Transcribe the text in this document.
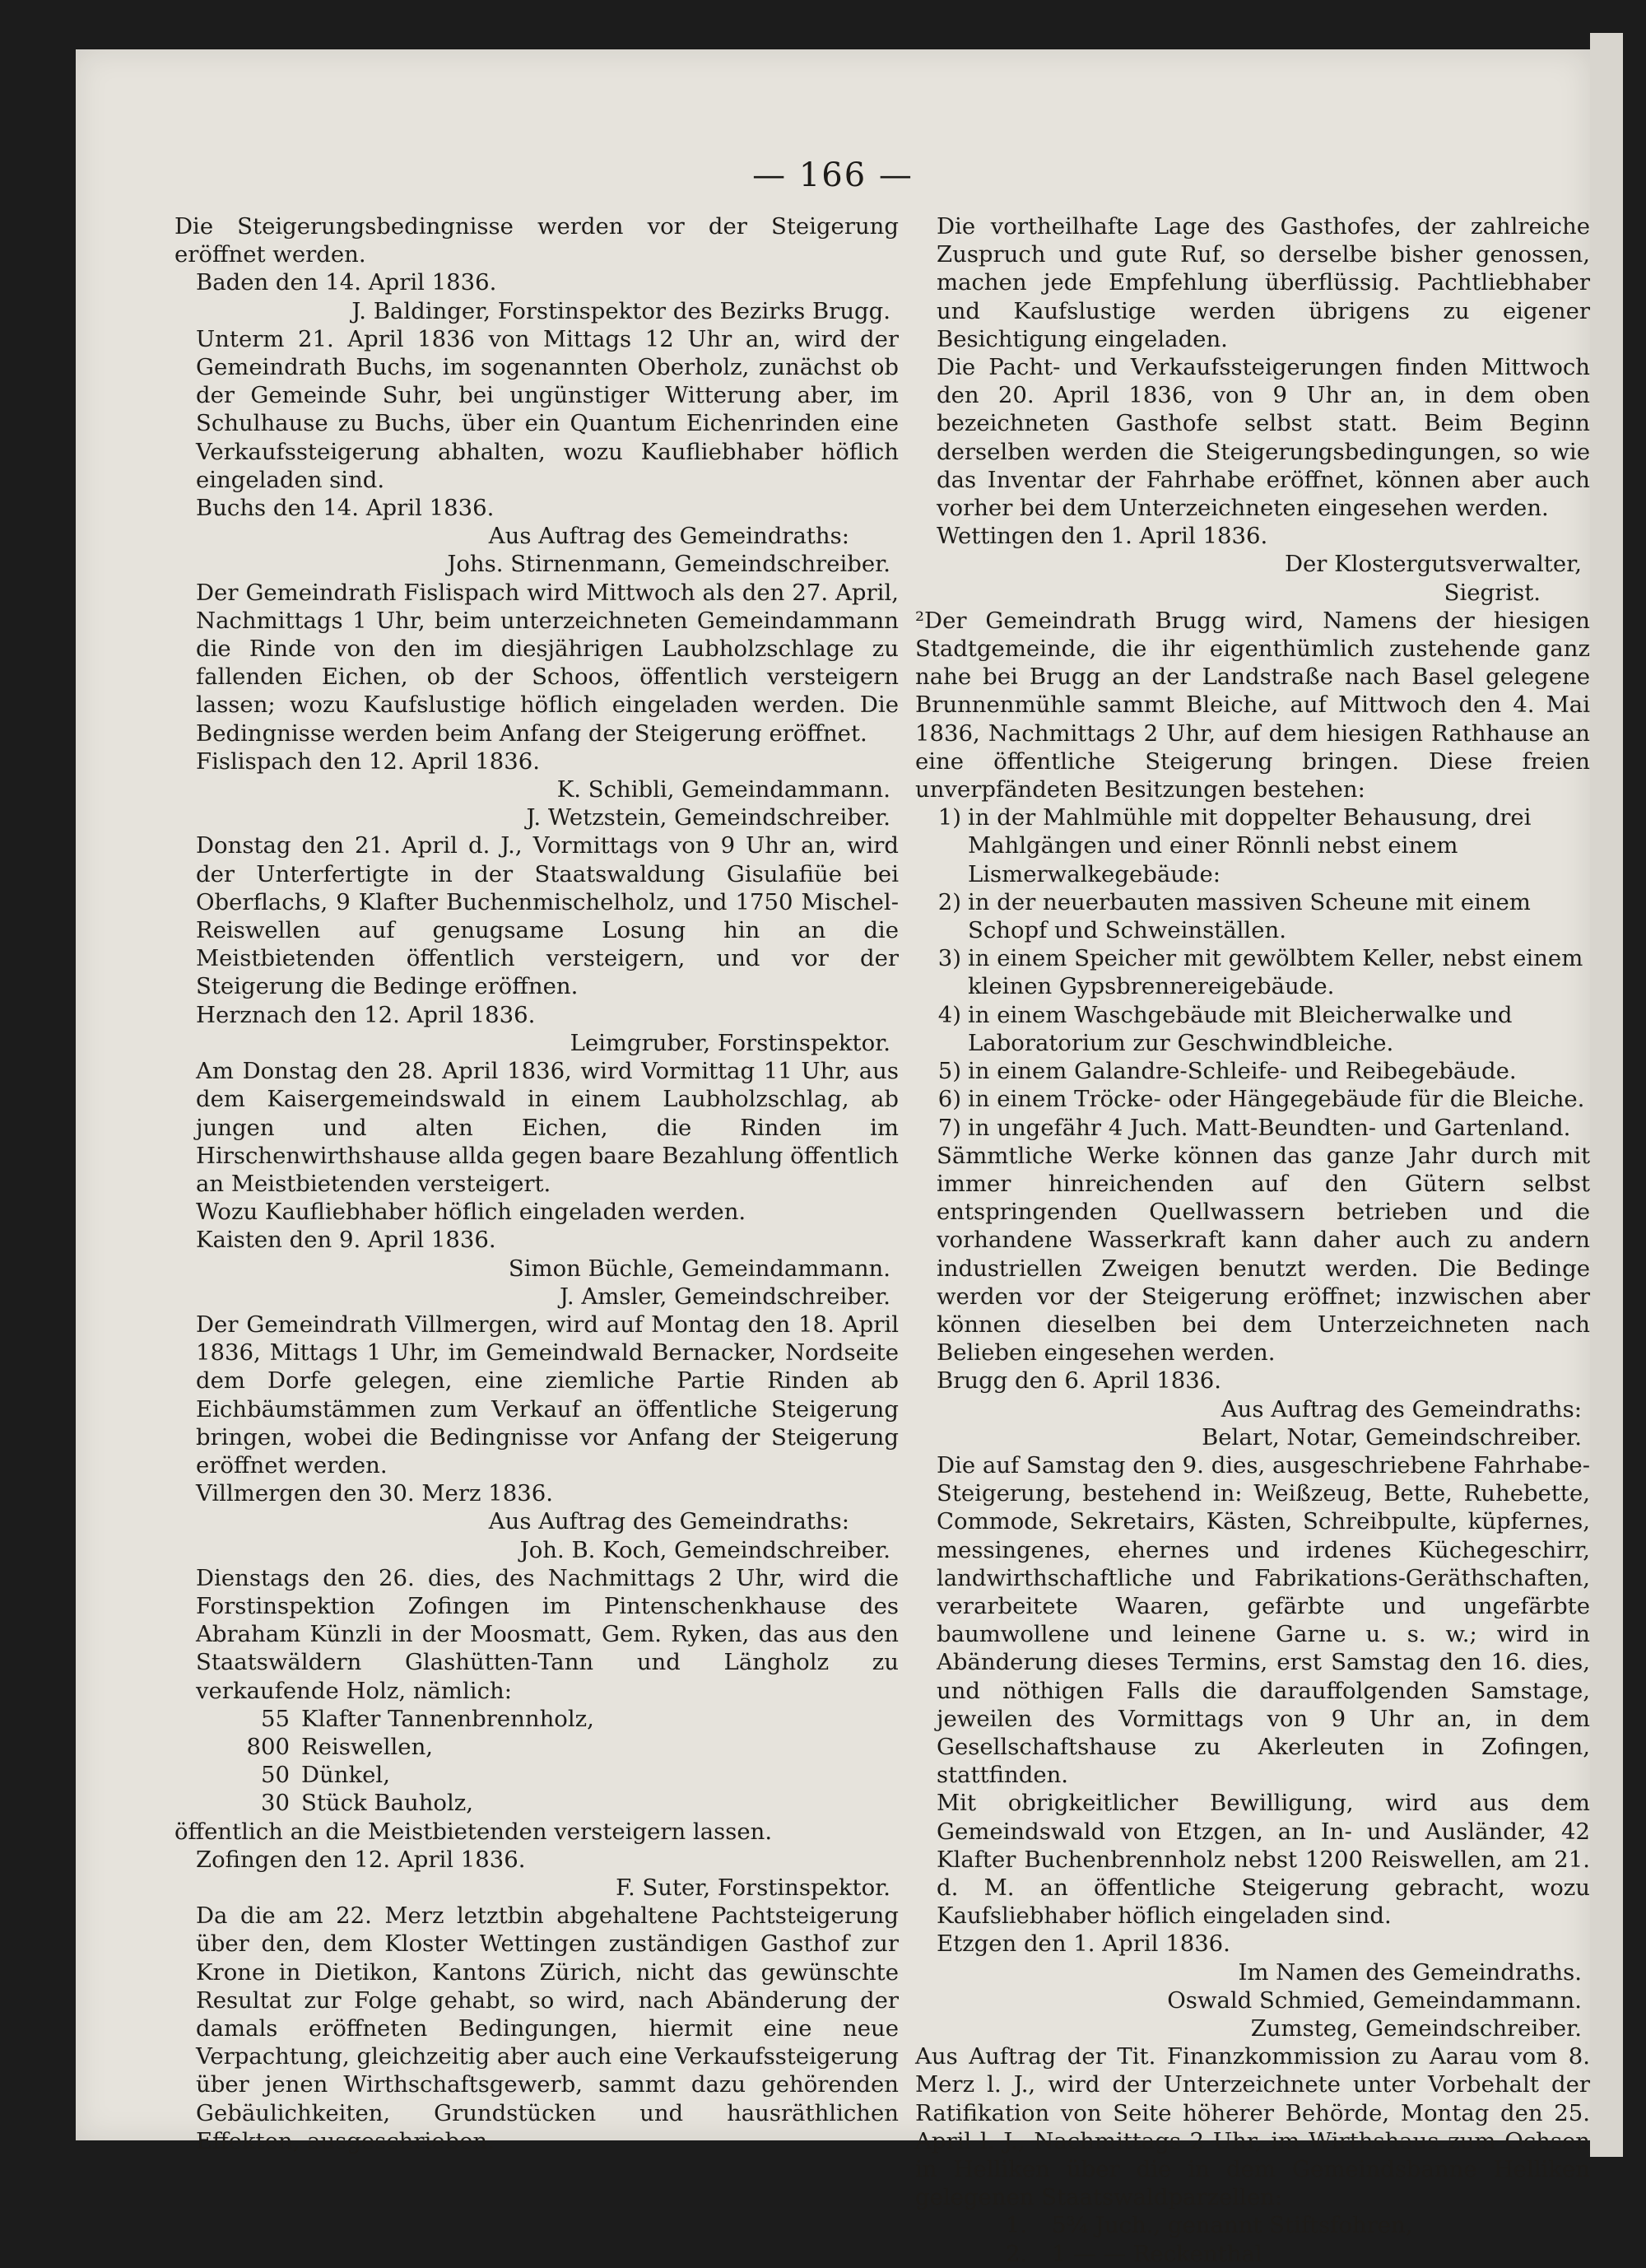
— 166 —
Die Steigerungsbedingnisse werden vor der Steigerung eröffnet werden.
Baden den 14. April 1836.
J. Baldinger, Forstinspektor des Bezirks Brugg.
Unterm 21. April 1836 von Mittags 12 Uhr an, wird der Gemeindrath Buchs, im sogenannten Oberholz, zunächst ob der Gemeinde Suhr, bei ungünstiger Witterung aber, im Schulhause zu Buchs, über ein Quantum Eichenrinden eine Verkaufssteigerung abhalten, wozu Kaufliebhaber höflich eingeladen sind.
Buchs den 14. April 1836.
Aus Auftrag des Gemeindraths:
Johs. Stirnenmann, Gemeindschreiber.
Der Gemeindrath Fislispach wird Mittwoch als den 27. April, Nachmittags 1 Uhr, beim unterzeichneten Gemeindammann die Rinde von den im diesjährigen Laubholzschlage zu fallenden Eichen, ob der Schoos, öffentlich versteigern lassen; wozu Kaufslustige höflich eingeladen werden. Die Bedingnisse werden beim Anfang der Steigerung eröffnet.
Fislispach den 12. April 1836.
K. Schibli, Gemeindammann.
J. Wetzstein, Gemeindschreiber.
Donstag den 21. April d. J., Vormittags von 9 Uhr an, wird der Unterfertigte in der Staatswaldung Gisulafiüe bei Oberflachs, 9 Klafter Buchenmischelholz, und 1750 Mischel-Reiswellen auf genugsame Losung hin an die Meistbietenden öffentlich versteigern, und vor der Steigerung die Bedinge eröffnen.
Herznach den 12. April 1836.
Leimgruber, Forstinspektor.
Am Donstag den 28. April 1836, wird Vormittag 11 Uhr, aus dem Kaisergemeindswald in einem Laubholzschlag, ab jungen und alten Eichen, die Rinden im Hirschenwirthshause allda gegen baare Bezahlung öffentlich an Meistbietenden versteigert.
Wozu Kaufliebhaber höflich eingeladen werden.
Kaisten den 9. April 1836.
Simon Büchle, Gemeindammann.
J. Amsler, Gemeindschreiber.
Der Gemeindrath Villmergen, wird auf Montag den 18. April 1836, Mittags 1 Uhr, im Gemeindwald Bernacker, Nordseite dem Dorfe gelegen, eine ziemliche Partie Rinden ab Eichbäumstämmen zum Verkauf an öffentliche Steigerung bringen, wobei die Bedingnisse vor Anfang der Steigerung eröffnet werden.
Villmergen den 30. Merz 1836.
Aus Auftrag des Gemeindraths:
Joh. B. Koch, Gemeindschreiber.
Dienstags den 26. dies, des Nachmittags 2 Uhr, wird die Forstinspektion Zofingen im Pintenschenkhause des Abraham Künzli in der Moosmatt, Gem. Ryken, das aus den Staatswäldern Glashütten-Tann und Längholz zu verkaufende Holz, nämlich:
55 Klafter Tannenbrennholz,
800 Reiswellen,
50 Dünkel,
30 Stück Bauholz,
öffentlich an die Meistbietenden versteigern lassen.
Zofingen den 12. April 1836.
F. Suter, Forstinspektor.
Da die am 22. Merz letztbin abgehaltene Pachtsteigerung über den, dem Kloster Wettingen zuständigen Gasthof zur Krone in Dietikon, Kantons Zürich, nicht das gewünschte Resultat zur Folge gehabt, so wird, nach Abänderung der damals eröffneten Bedingungen, hiermit eine neue Verpachtung, gleichzeitig aber auch eine Verkaufssteigerung über jenen Wirthschaftsgewerb, sammt dazu gehörenden Gebäulichkeiten, Grundstücken und hausräthlichen Effekten, ausgeschrieben.
Die vortheilhafte Lage des Gasthofes, der zahlreiche Zuspruch und gute Ruf, so derselbe bisher genossen, machen jede Empfehlung überflüssig. Pachtliebhaber und Kaufslustige werden übrigens zu eigener Besichtigung eingeladen.
Die Pacht- und Verkaufssteigerungen finden Mittwoch den 20. April 1836, von 9 Uhr an, in dem oben bezeichneten Gasthofe selbst statt. Beim Beginn derselben werden die Steigerungsbedingungen, so wie das Inventar der Fahrhabe eröffnet, können aber auch vorher bei dem Unterzeichneten eingesehen werden.
Wettingen den 1. April 1836.
Der Klostergutsverwalter,
Siegrist.
²Der Gemeindrath Brugg wird, Namens der hiesigen Stadtgemeinde, die ihr eigenthümlich zustehende ganz nahe bei Brugg an der Landstraße nach Basel gelegene Brunnenmühle sammt Bleiche, auf Mittwoch den 4. Mai 1836, Nachmittags 2 Uhr, auf dem hiesigen Rathhause an eine öffentliche Steigerung bringen. Diese freien unverpfändeten Besitzungen bestehen:
1) in der Mahlmühle mit doppelter Behausung, drei Mahlgängen und einer Rönnli nebst einem Lismerwalkegebäude:
2) in der neuerbauten massiven Scheune mit einem Schopf und Schweinställen.
3) in einem Speicher mit gewölbtem Keller, nebst einem kleinen Gypsbrennereigebäude.
4) in einem Waschgebäude mit Bleicherwalke und Laboratorium zur Geschwindbleiche.
5) in einem Galandre-Schleife- und Reibegebäude.
6) in einem Tröcke- oder Hängegebäude für die Bleiche.
7) in ungefähr 4 Juch. Matt-Beundten- und Gartenland.
Sämmtliche Werke können das ganze Jahr durch mit immer hinreichenden auf den Gütern selbst entspringenden Quellwassern betrieben und die vorhandene Wasserkraft kann daher auch zu andern industriellen Zweigen benutzt werden. Die Bedinge werden vor der Steigerung eröffnet; inzwischen aber können dieselben bei dem Unterzeichneten nach Belieben eingesehen werden.
Brugg den 6. April 1836.
Aus Auftrag des Gemeindraths:
Belart, Notar, Gemeindschreiber.
Die auf Samstag den 9. dies, ausgeschriebene Fahrhabe-Steigerung, bestehend in: Weißzeug, Bette, Ruhebette, Commode, Sekretairs, Kästen, Schreibpulte, küpfernes, messingenes, ehernes und irdenes Küchegeschirr, landwirthschaftliche und Fabrikations-Geräthschaften, verarbeitete Waaren, gefärbte und ungefärbte baumwollene und leinene Garne u. s. w.; wird in Abänderung dieses Termins, erst Samstag den 16. dies, und nöthigen Falls die darauffolgenden Samstage, jeweilen des Vormittags von 9 Uhr an, in dem Gesellschaftshause zu Akerleuten in Zofingen, stattfinden.
Mit obrigkeitlicher Bewilligung, wird aus dem Gemeindswald von Etzgen, an In- und Ausländer, 42 Klafter Buchenbrennholz nebst 1200 Reiswellen, am 21. d. M. an öffentliche Steigerung gebracht, wozu Kaufsliebhaber höflich eingeladen sind.
Etzgen den 1. April 1836.
Im Namen des Gemeindraths.
Oswald Schmied, Gemeindammann.
Zumsteg, Gemeindschreiber.
Aus Auftrag der Tit. Finanzkommission zu Aarau vom 8. Merz l. J., wird der Unterzeichnete unter Vorbehalt der Ratifikation von Seite höherer Behörde, Montag den 25. April l. J., Nachmittags 2 Uhr, im Wirthshaus zum Ochsen in Helliken über die in dem Gemeindsbanne Helliken gelegenen Staatswaldparzellen:
1.	5¾ Juch., genannt Stiftsfohren,
2.	1 — — Reckenthal
